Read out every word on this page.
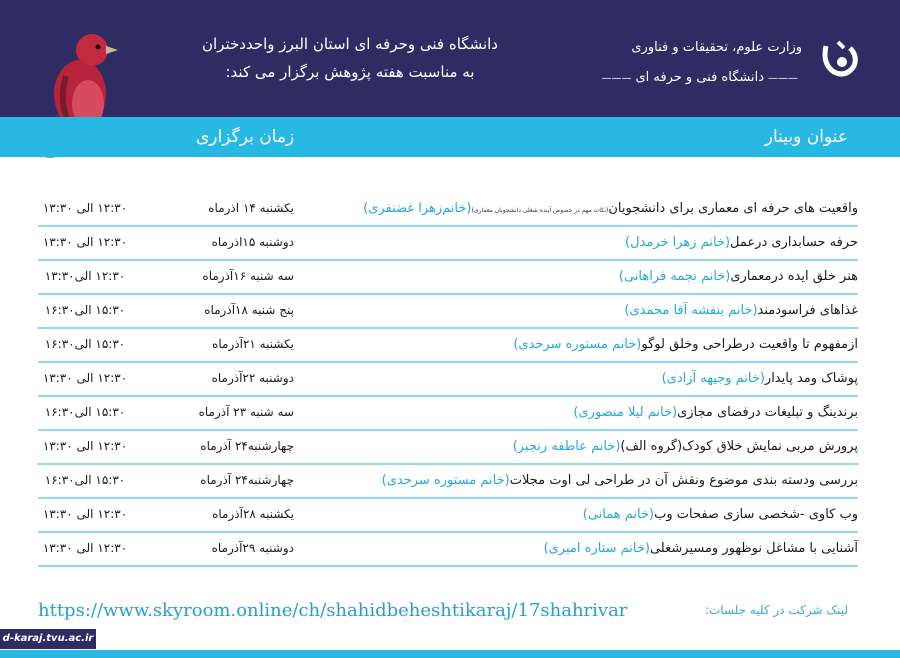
دانشگاه فنی وحرفه ای استان البرز واحددختران
به مناسبت هفته پژوهش برگزار می کند:
وزارت علوم، تحقیقات و فناوری
——— دانشگاه فنی و حرفه ای ———
عنوان وبینار
زمان برگزاری
واقعیت های حرفه ای معماری برای دانشجویان(نکات مهم در خصوص آینده شغلی دانشجویان معماری)(خانم‌زهرا غضنفری)
یکشنبه ۱۴ اذرماه
۱۲:۳۰ الی ۱۳:۳۰
حرفه حسابداری درعمل(خانم زهرا خرمدل)
دوشنبه ۱۵اذرماه
۱۲:۳۰ الی ۱۳:۳۰
هنر خلق ایده درمعماری(خانم نجمه فراهانی)
سه شنبه ۱۶آذرماه
۱۲:۳۰ الی۱۳:۳۰
غذاهای فراسودمند(خانم بنفشه آقا محمدی)
پنج شنبه ۱۸آذرماه
۱۵:۳۰ الی۱۶:۳۰
ازمفهوم تا واقعیت درطراحی وخلق لوگو(خانم مستوره سرحدی)
یکشنبه ۲۱آذرماه
۱۵:۳۰ الی۱۶:۳۰
پوشاک ومد پایدار(خانم وجیهه آزادی)
دوشنبه ۲۲آذرماه
۱۲:۳۰ الی ۱۳:۳۰
برندینگ و تبلیغات درفضای مجازی(خانم لیلا منصوری)
سه شنبه ۲۳ آذرماه
۱۵:۳۰ الی۱۶:۳۰
پرورش مربی نمایش خلاق کودک(گروه الف)(خانم عاطفه رنجبر)
چهارشنبه۲۴ آذرماه
۱۲:۳۰ الی ۱۳:۳۰
بررسی ودسته بندی موضوع ونقش آن در طراحی لی اوت مجلات(خانم مستوره سرحدی)
چهارشنبه۲۴ آذرماه
۱۵:۳۰ الی۱۶:۳۰
وب کاوی -شخصی سازی صفحات وب(خانم همانی)
یکشنبه ۲۸آذرماه
۱۲:۳۰ الی ۱۳:۳۰
آشنایی با مشاغل نوظهور ومسیرشغلی(خانم ستاره امیری)
دوشنبه ۲۹آذرماه
۱۲:۳۰ الی ۱۳:۳۰
لینک شرکت در کلیه جلسات:
https://www.skyroom.online/ch/shahidbeheshtikaraj/17shahrivar
d-karaj.tvu.ac.ir
